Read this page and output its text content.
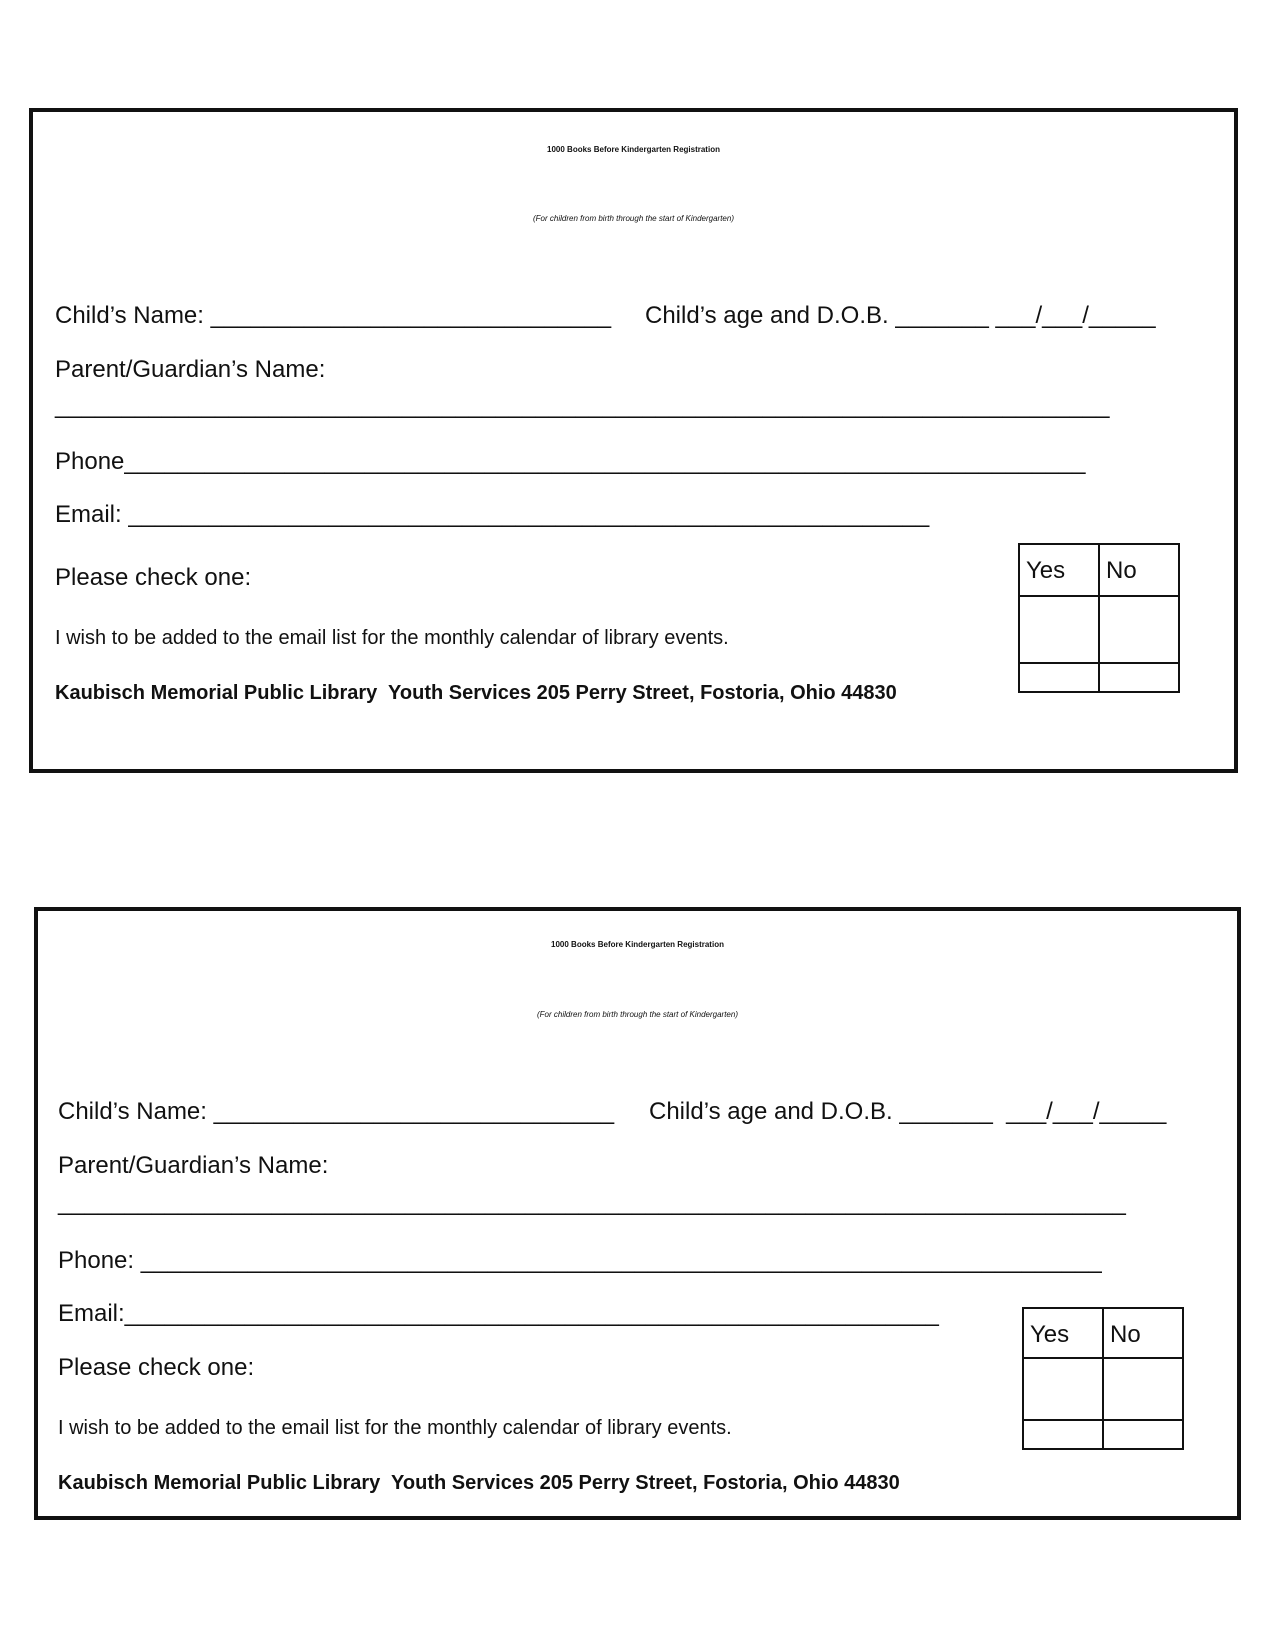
1000 Books Before Kindergarten Registration
(For children from birth through the start of Kindergarten)
Child’s Name: ______________________________ Child’s age and D.O.B. _______ ___/___/_____
Parent/Guardian’s Name:
_______________________________________________________________________________
Phone________________________________________________________________________
Email: ____________________________________________________________
Please check one:
I wish to be added to the email list for the monthly calendar of library events.
Kaubisch Memorial Public Library  Youth Services 205 Perry Street, Fostoria, Ohio 44830
Yes	No

1000 Books Before Kindergarten Registration
(For children from birth through the start of Kindergarten)
Child’s Name: ______________________________ Child’s age and D.O.B. _______  ___/___/_____
Parent/Guardian’s Name:
________________________________________________________________________________
Phone: ________________________________________________________________________
Email:_____________________________________________________________
Please check one:
I wish to be added to the email list for the monthly calendar of library events.
Kaubisch Memorial Public Library  Youth Services 205 Perry Street, Fostoria, Ohio 44830
Yes	No
